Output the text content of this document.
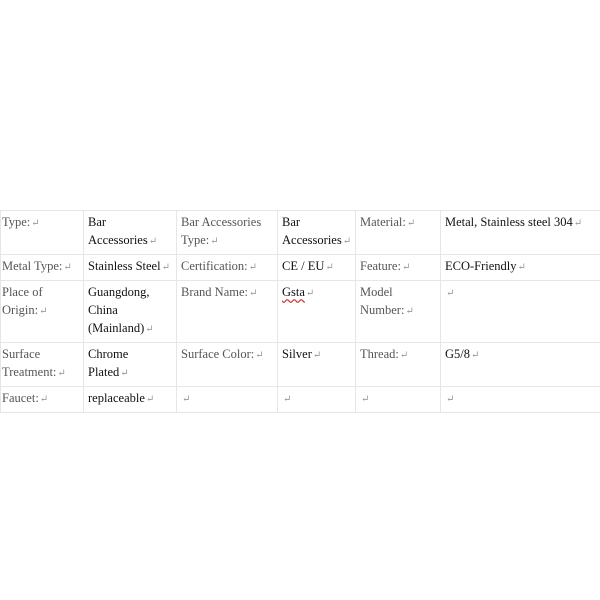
Type:↵	Bar Accessories↵	Bar Accessories Type:↵	Bar Accessories↵	Material:↵	Metal, Stainless steel 304↵
Metal Type:↵	Stainless Steel↵	Certification:↵	CE / EU↵	Feature:↵	ECO-Friendly↵
Place of Origin:↵	Guangdong, China (Mainland)↵	Brand Name:↵	Gsta↵	Model Number:↵	↵
Surface Treatment:↵	Chrome Plated↵	Surface Color:↵	Silver↵	Thread:↵	G5/8↵
Faucet:↵	replaceable↵	↵	↵	↵	↵
